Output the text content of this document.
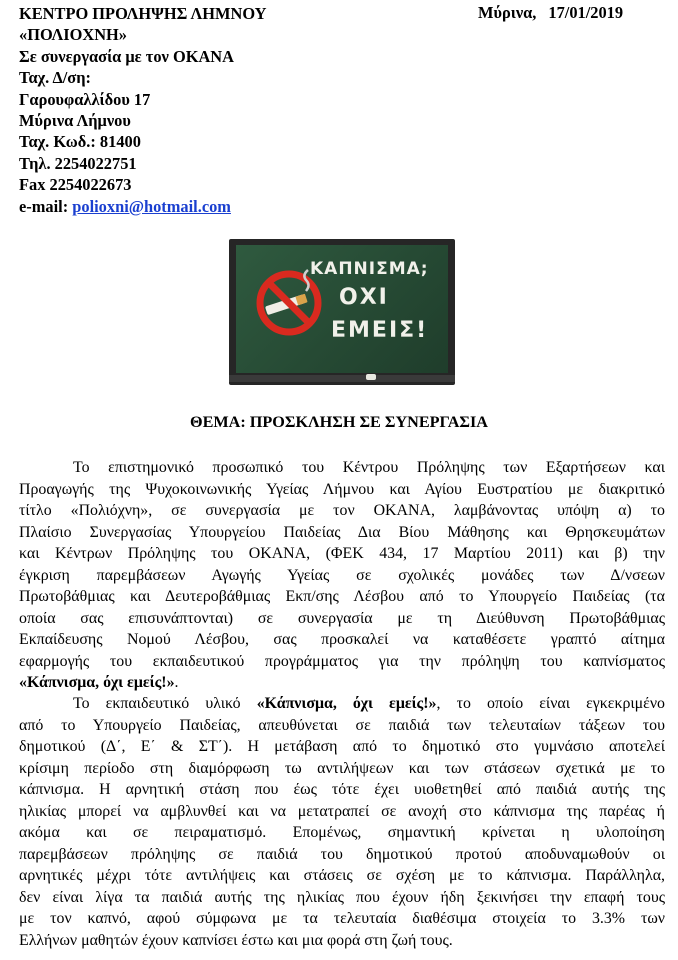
ΚΕΝΤΡΟ ΠΡΟΛΗΨΗΣ ΛΗΜΝΟΥ
«ΠΟΛΙΟΧΝΗ»
Σε συνεργασία με τον ΟΚΑΝΑ
Ταχ. Δ/ση:
Γαρουφαλλίδου 17
Μύρινα Λήμνου
Ταχ. Κωδ.: 81400
Τηλ. 2254022751
Fax 2254022673
e-mail: polioxni@hotmail.com
Μύρινα, 17/01/2019
ΚΑΠΝΙΣΜΑ;
ΟΧΙ
ΕΜΕΙΣ!
ΘΕΜΑ: ΠΡΟΣΚΛΗΣΗ ΣΕ ΣΥΝΕΡΓΑΣΙΑ
Το επιστημονικό προσωπικό του Κέντρου Πρόληψης των Εξαρτήσεων και
Προαγωγής της Ψυχοκοινωνικής Υγείας Λήμνου και Αγίου Ευστρατίου με διακριτικό
τίτλο «Πολιόχνη», σε συνεργασία με τον ΟΚΑΝΑ, λαμβάνοντας υπόψη α) το
Πλαίσιο Συνεργασίας Υπουργείου Παιδείας Δια Βίου Μάθησης και Θρησκευμάτων
και Κέντρων Πρόληψης του ΟΚΑΝΑ, (ΦΕΚ 434, 17 Μαρτίου 2011) και β) την
έγκριση παρεμβάσεων Αγωγής Υγείας σε σχολικές μονάδες των Δ/νσεων
Πρωτοβάθμιας και Δευτεροβάθμιας Εκπ/σης Λέσβου από το Υπουργείο Παιδείας (τα
οποία σας επισυνάπτονται) σε συνεργασία με τη Διεύθυνση Πρωτοβάθμιας
Εκπαίδευσης Νομού Λέσβου, σας προσκαλεί να καταθέσετε γραπτό αίτημα
εφαρμογής του εκπαιδευτικού προγράμματος για την πρόληψη του καπνίσματος
«Κάπνισμα, όχι εμείς!».
Το εκπαιδευτικό υλικό «Κάπνισμα, όχι εμείς!», το οποίο είναι εγκεκριμένο
από το Υπουργείο Παιδείας, απευθύνεται σε παιδιά των τελευταίων τάξεων του
δημοτικού (Δ΄, Ε΄ & ΣΤ΄). Η μετάβαση από το δημοτικό στο γυμνάσιο αποτελεί
κρίσιμη περίοδο στη διαμόρφωση τω αντιλήψεων και των στάσεων σχετικά με το
κάπνισμα. Η αρνητική στάση που έως τότε έχει υιοθετηθεί από παιδιά αυτής της
ηλικίας μπορεί να αμβλυνθεί και να μετατραπεί σε ανοχή στο κάπνισμα της παρέας ή
ακόμα και σε πειραματισμό. Επομένως, σημαντική κρίνεται η υλοποίηση
παρεμβάσεων πρόληψης σε παιδιά του δημοτικού προτού αποδυναμωθούν οι
αρνητικές μέχρι τότε αντιλήψεις και στάσεις σε σχέση με το κάπνισμα. Παράλληλα,
δεν είναι λίγα τα παιδιά αυτής της ηλικίας που έχουν ήδη ξεκινήσει την επαφή τους
με τον καπνό, αφού σύμφωνα με τα τελευταία διαθέσιμα στοιχεία το 3.3% των
Ελλήνων μαθητών έχουν καπνίσει έστω και μια φορά στη ζωή τους.
